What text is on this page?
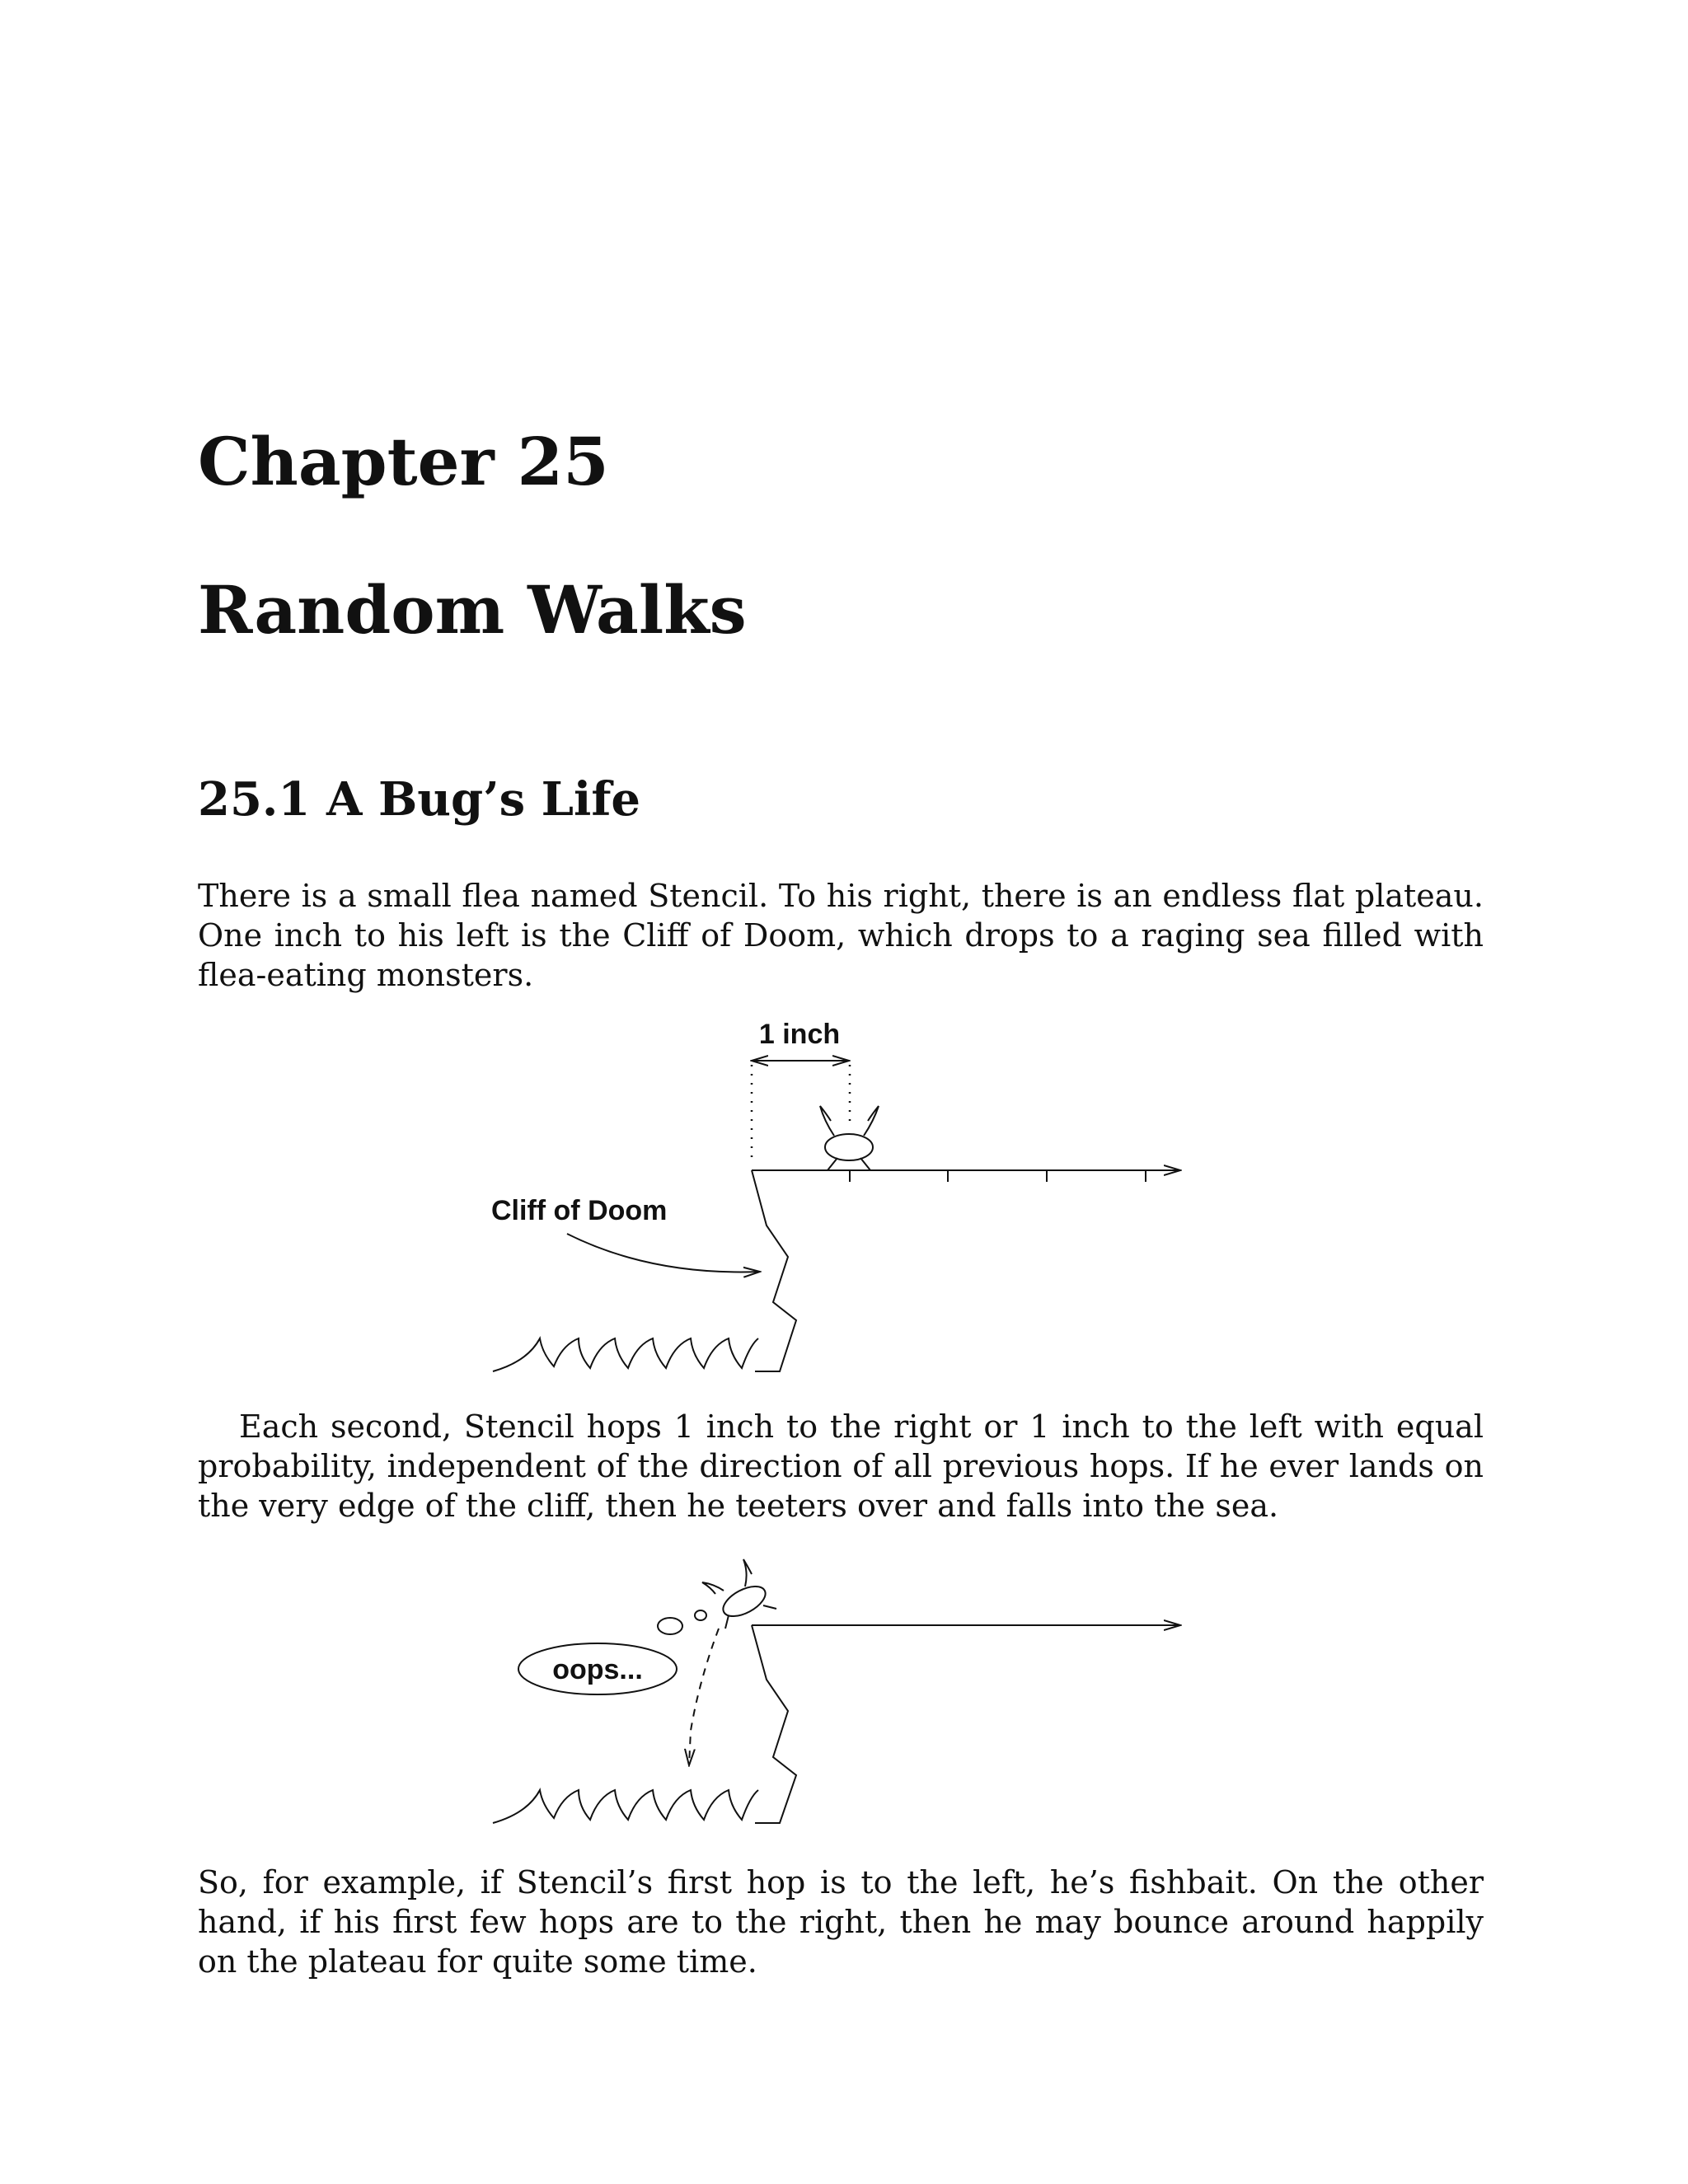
Chapter 25
Random Walks
25.1 A Bug’s Life

There is a small flea named Stencil. To his right, there is an endless flat plateau. One inch to his left is the Cliff of Doom, which drops to a raging sea filled with flea-eating monsters.

1 inch
Cliff of Doom

Each second, Stencil hops 1 inch to the right or 1 inch to the left with equal probability, independent of the direction of all previous hops. If he ever lands on the very edge of the cliff, then he teeters over and falls into the sea.

oops...

So, for example, if Stencil’s first hop is to the left, he’s fishbait. On the other hand, if his first few hops are to the right, then he may bounce around happily on the plateau for quite some time.
